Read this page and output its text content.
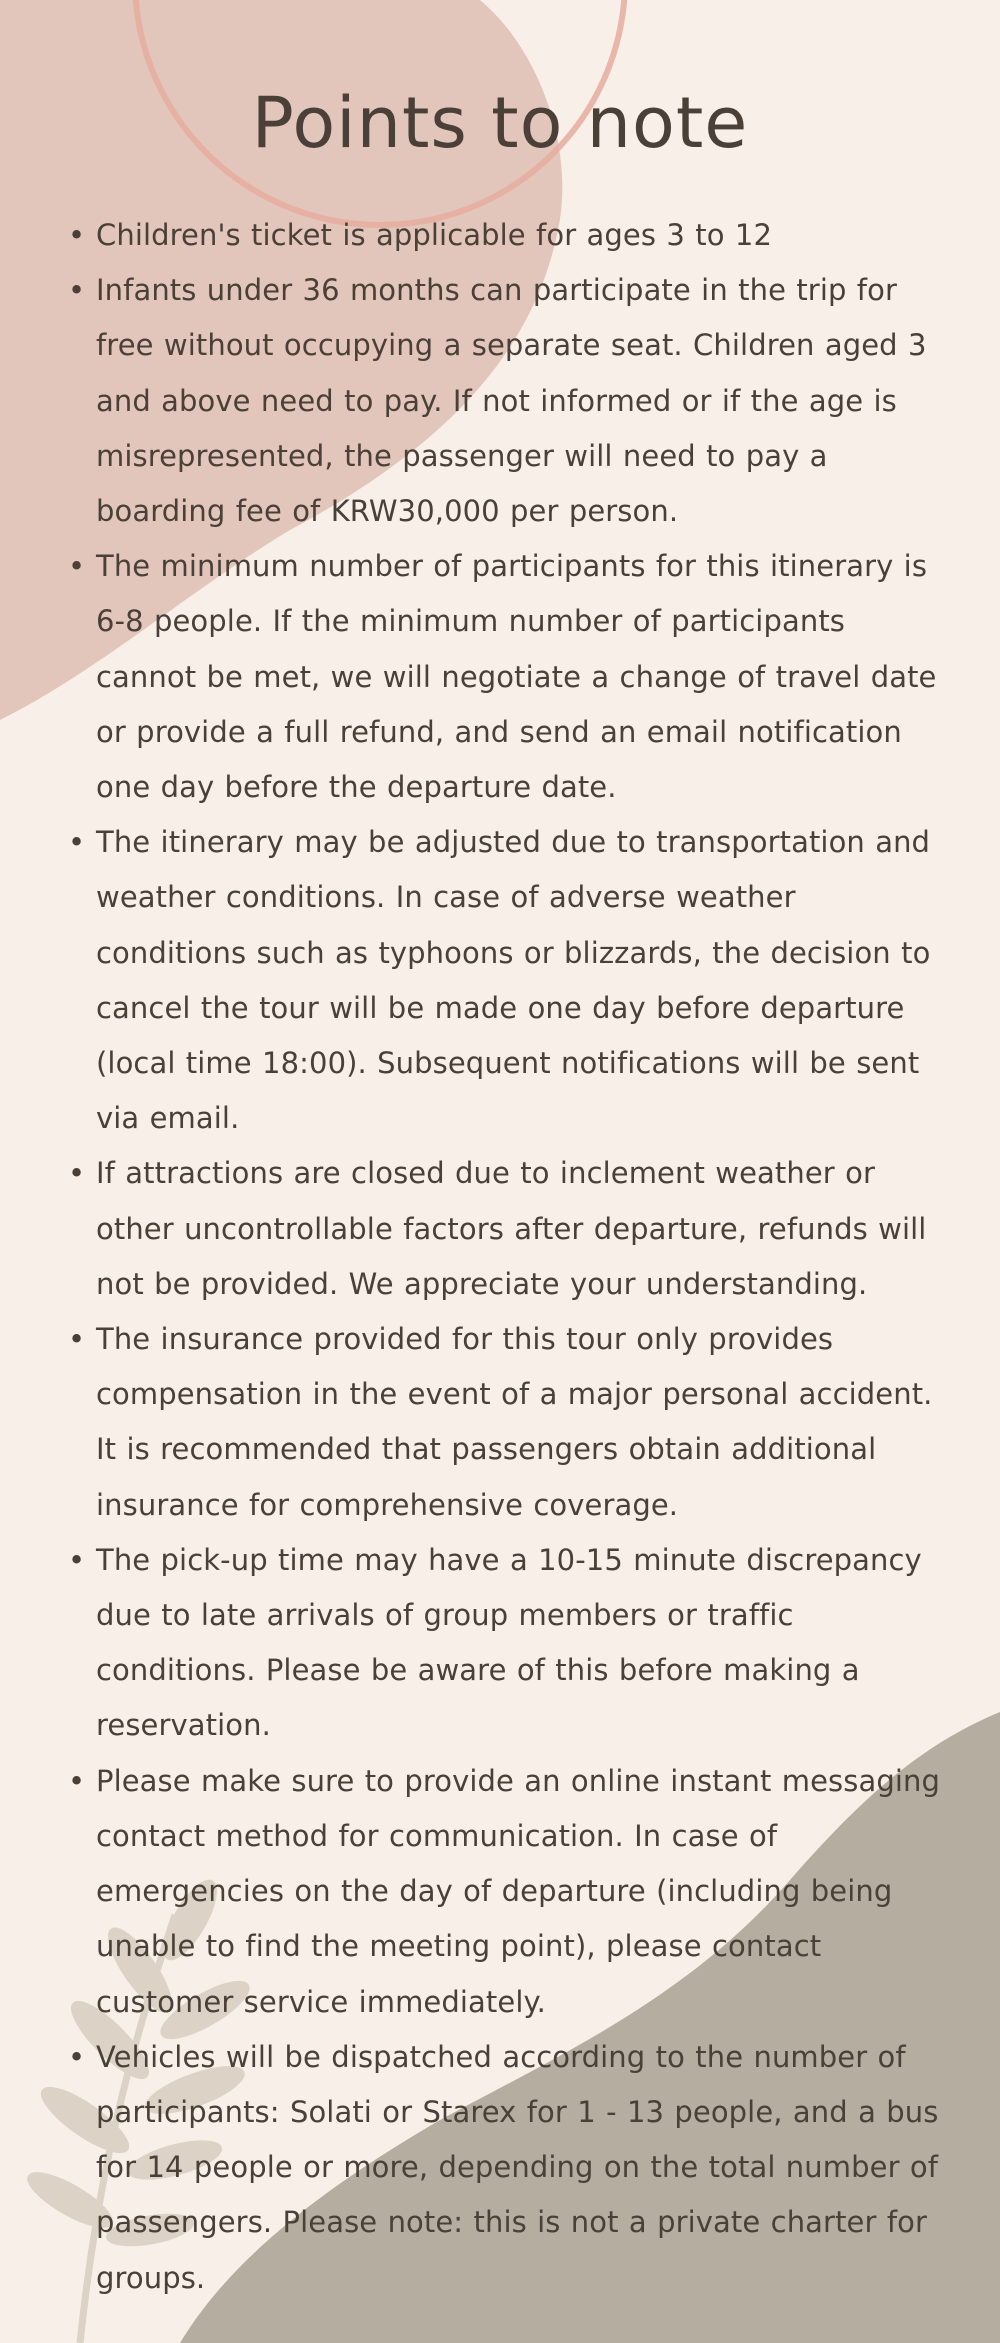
Points to note
• Children's ticket is applicable for ages 3 to 12
• Infants under 36 months can participate in the trip for free without occupying a separate seat. Children aged 3 and above need to pay. If not informed or if the age is misrepresented, the passenger will need to pay a boarding fee of KRW30,000 per person.
• The minimum number of participants for this itinerary is 6-8 people. If the minimum number of participants cannot be met, we will negotiate a change of travel date or provide a full refund, and send an email notification one day before the departure date.
• The itinerary may be adjusted due to transportation and weather conditions. In case of adverse weather conditions such as typhoons or blizzards, the decision to cancel the tour will be made one day before departure (local time 18:00). Subsequent notifications will be sent via email.
• If attractions are closed due to inclement weather or other uncontrollable factors after departure, refunds will not be provided. We appreciate your understanding.
• The insurance provided for this tour only provides compensation in the event of a major personal accident. It is recommended that passengers obtain additional insurance for comprehensive coverage.
• The pick-up time may have a 10-15 minute discrepancy due to late arrivals of group members or traffic conditions. Please be aware of this before making a reservation.
• Please make sure to provide an online instant messaging contact method for communication. In case of emergencies on the day of departure (including being unable to find the meeting point), please contact customer service immediately.
• Vehicles will be dispatched according to the number of participants: Solati or Starex for 1 - 13 people, and a bus for 14 people or more, depending on the total number of passengers. Please note: this is not a private charter for groups.
